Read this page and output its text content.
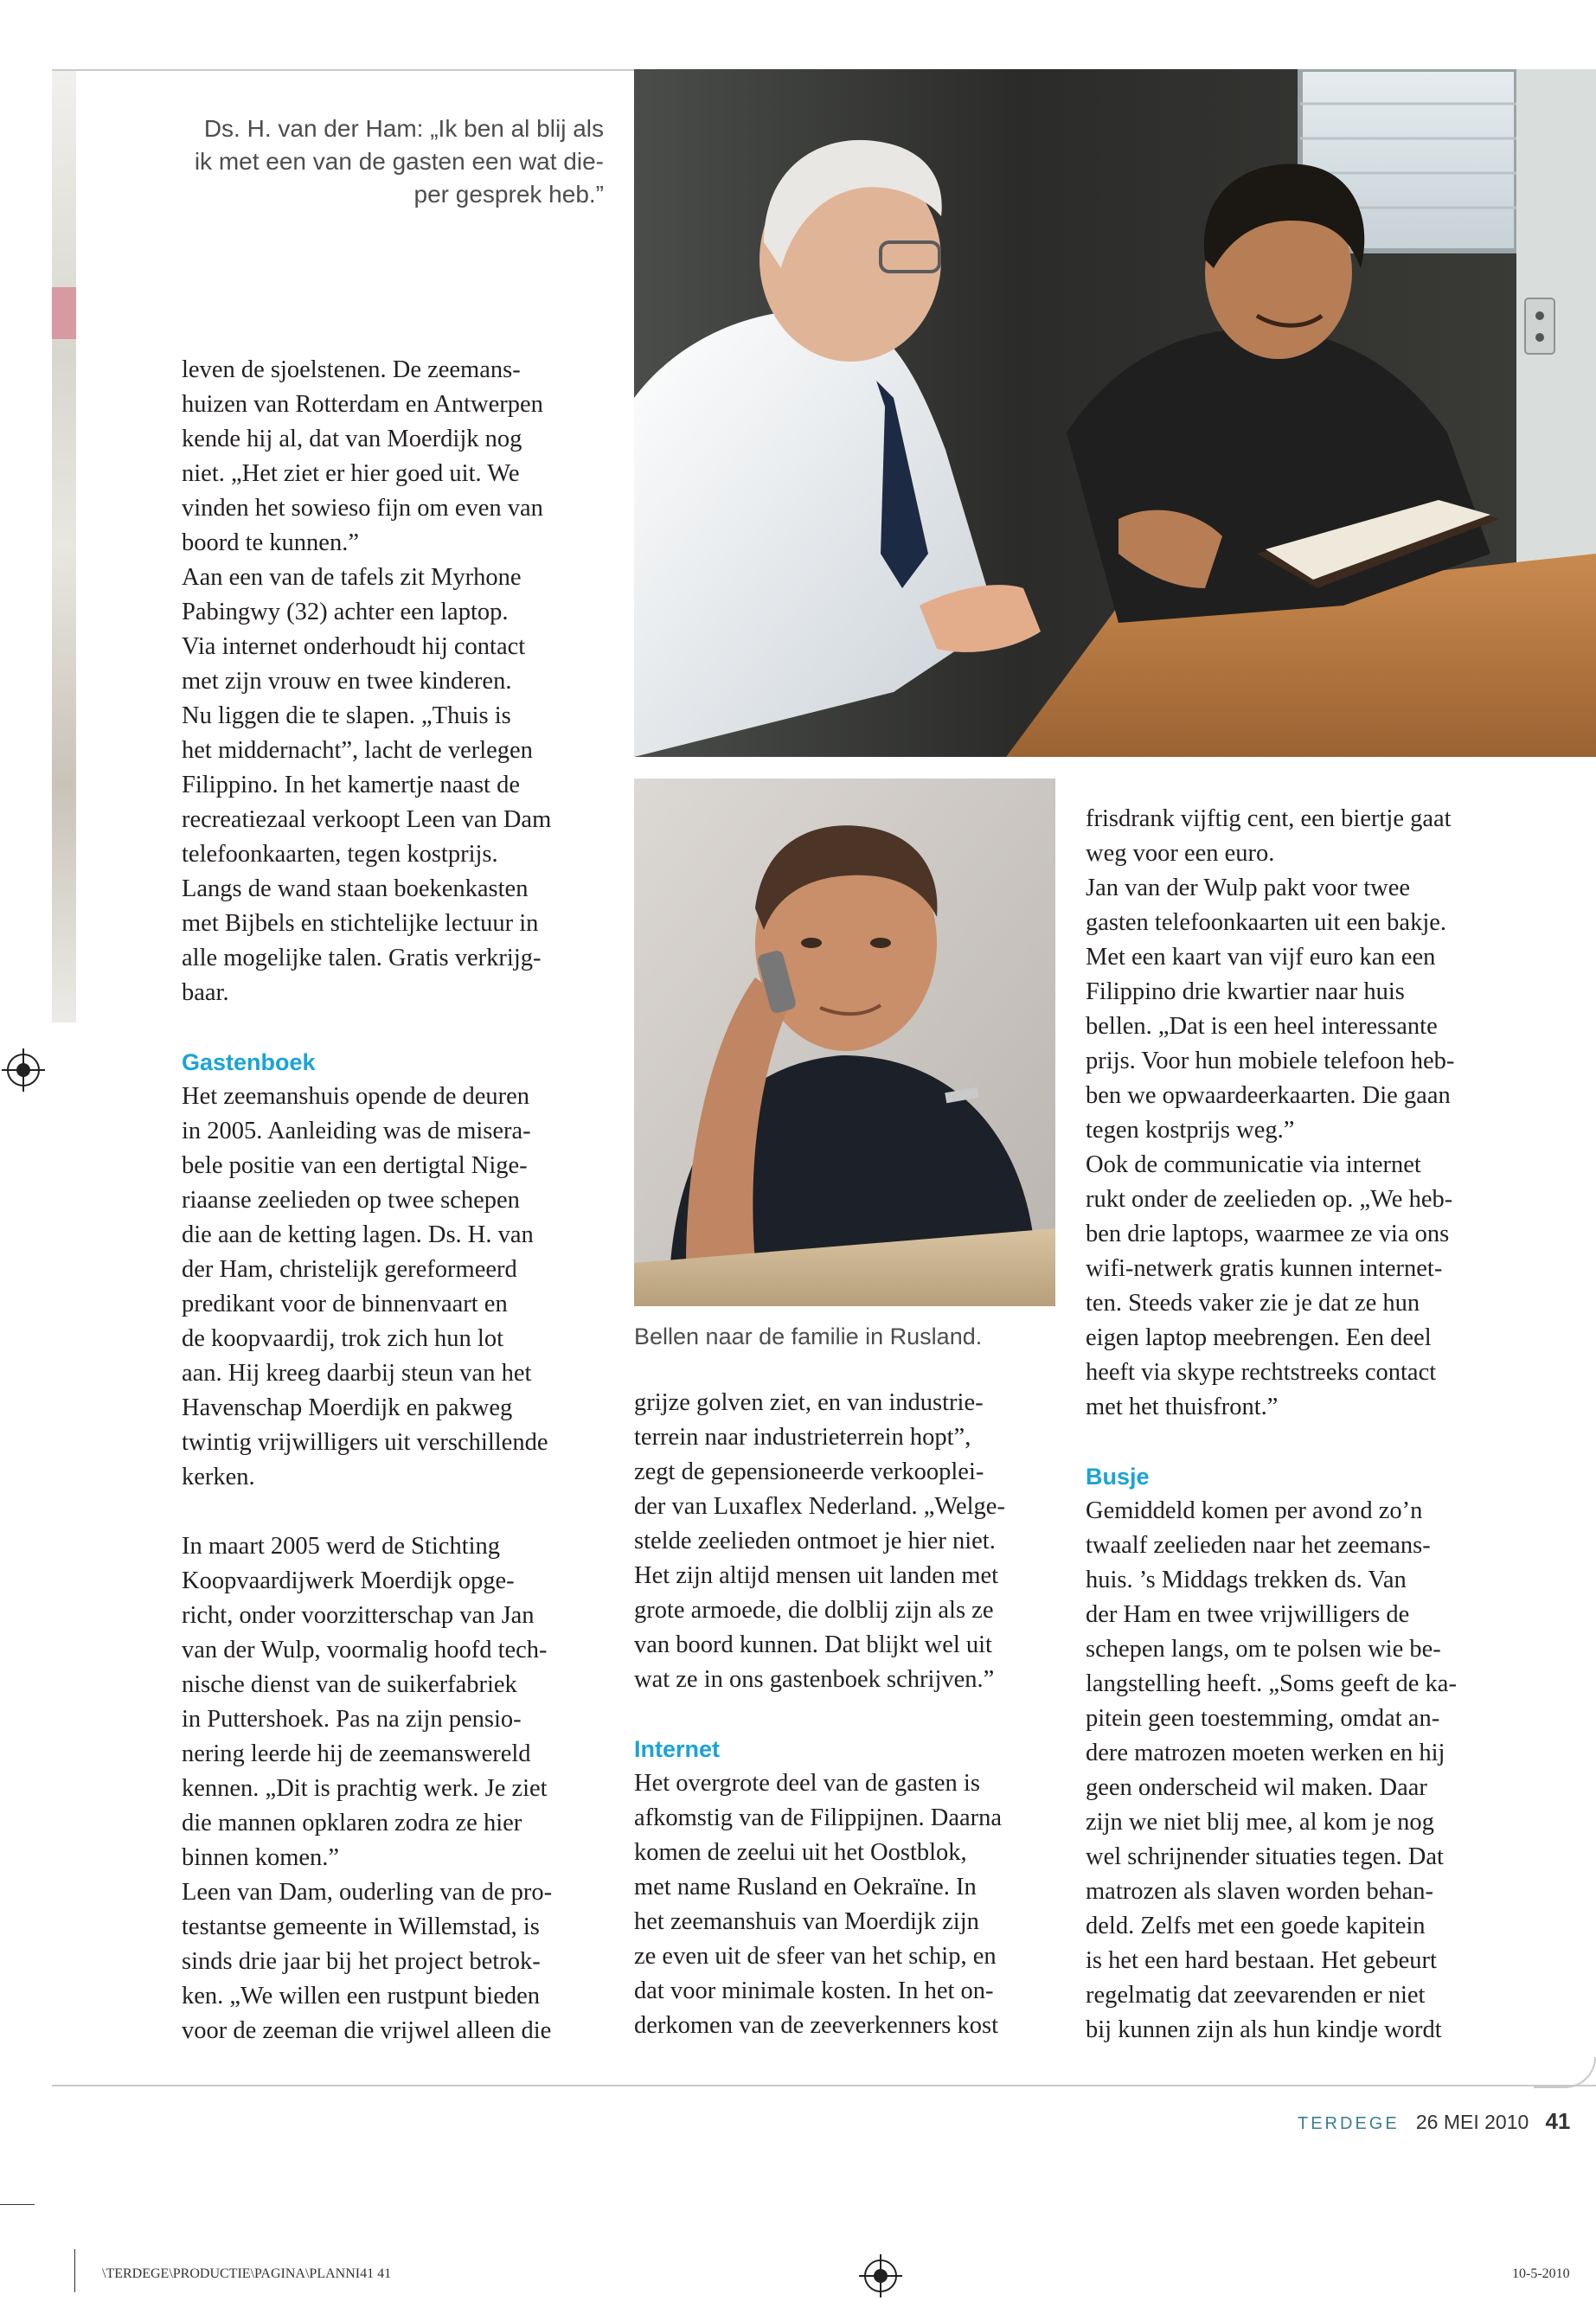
Ds. H. van der Ham: „Ik ben al blij als
ik met een van de gasten een wat die-
per gesprek heb.”
Bellen naar de familie in Rusland.

leven de sjoelstenen. De zeemans-

huizen van Rotterdam en Antwerpen

kende hij al, dat van Moerdijk nog

niet. „Het ziet er hier goed uit. We

vinden het sowieso fijn om even van

boord te kunnen.”

Aan een van de tafels zit Myrhone

Pabingwy (32) achter een laptop.

Via internet onderhoudt hij contact

met zijn vrouw en twee kinderen.

Nu liggen die te slapen. „Thuis is

het middernacht”, lacht de verlegen

Filippino. In het kamertje naast de

recreatiezaal verkoopt Leen van Dam

telefoonkaarten, tegen kostprijs.

Langs de wand staan boekenkasten

met Bijbels en stichtelijke lectuur in

alle mogelijke talen. Gratis verkrijg-

baar.

Gastenboek

Het zeemanshuis opende de deuren

in 2005. Aanleiding was de misera-

bele positie van een dertigtal Nige-

riaanse zeelieden op twee schepen

die aan de ketting lagen. Ds. H. van

der Ham, christelijk gereformeerd

predikant voor de binnenvaart en

de koopvaardij, trok zich hun lot

aan. Hij kreeg daarbij steun van het

Havenschap Moerdijk en pakweg

twintig vrijwilligers uit verschillende

kerken.

In maart 2005 werd de Stichting

Koopvaardijwerk Moerdijk opge-

richt, onder voorzitterschap van Jan

van der Wulp, voormalig hoofd tech-

nische dienst van de suikerfabriek

in Puttershoek. Pas na zijn pensio-

nering leerde hij de zeemanswereld

kennen. „Dit is prachtig werk. Je ziet

die mannen opklaren zodra ze hier

binnen komen.”

Leen van Dam, ouderling van de pro-

testantse gemeente in Willemstad, is

sinds drie jaar bij het project betrok-

ken. „We willen een rustpunt bieden

voor de zeeman die vrijwel alleen die

grijze golven ziet, en van industrie-

terrein naar industrieterrein hopt”,

zegt de gepensioneerde verkooplei-

der van Luxaflex Nederland. „Welge-

stelde zeelieden ontmoet je hier niet.

Het zijn altijd mensen uit landen met

grote armoede, die dolblij zijn als ze

van boord kunnen. Dat blijkt wel uit

wat ze in ons gastenboek schrijven.”

Internet

Het overgrote deel van de gasten is

afkomstig van de Filippijnen. Daarna

komen de zeelui uit het Oostblok,

met name Rusland en Oekraïne. In

het zeemanshuis van Moerdijk zijn

ze even uit de sfeer van het schip, en

dat voor minimale kosten. In het on-

derkomen van de zeeverkenners kost

frisdrank vijftig cent, een biertje gaat

weg voor een euro.

Jan van der Wulp pakt voor twee

gasten telefoonkaarten uit een bakje.

Met een kaart van vijf euro kan een

Filippino drie kwartier naar huis

bellen. „Dat is een heel interessante

prijs. Voor hun mobiele telefoon heb-

ben we opwaardeerkaarten. Die gaan

tegen kostprijs weg.”

Ook de communicatie via internet

rukt onder de zeelieden op. „We heb-

ben drie laptops, waarmee ze via ons

wifi-netwerk gratis kunnen internet-

ten. Steeds vaker zie je dat ze hun

eigen laptop meebrengen. Een deel

heeft via skype rechtstreeks contact

met het thuisfront.”

Busje

Gemiddeld komen per avond zo’n

twaalf zeelieden naar het zeemans-

huis. ’s Middags trekken ds. Van

der Ham en twee vrijwilligers de

schepen langs, om te polsen wie be-

langstelling heeft. „Soms geeft de ka-

pitein geen toestemming, omdat an-

dere matrozen moeten werken en hij

geen onderscheid wil maken. Daar

zijn we niet blij mee, al kom je nog

wel schrijnender situaties tegen. Dat

matrozen als slaven worden behan-

deld. Zelfs met een goede kapitein

is het een hard bestaan. Het gebeurt

regelmatig dat zeevarenden er niet

bij kunnen zijn als hun kindje wordt

TERDEGE 26 MEI 2010 41
\TERDEGE\PRODUCTIE\PAGINA\PLANNI41 41	10-5-2010
